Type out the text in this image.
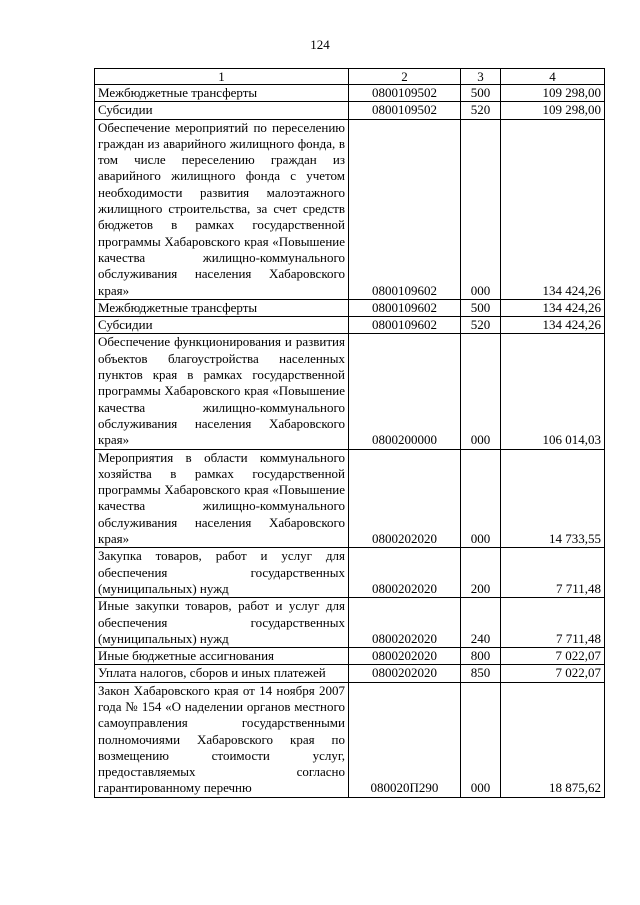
124
1	2	3	4
Межбюджетные трансферты	0800109502	500	109 298,00
Субсидии	0800109502	520	109 298,00
Обеспечение мероприятий по переселению граждан из аварийного жилищного фонда, в том числе переселению граждан из аварийного жилищного фонда с учетом необходимости развития малоэтажного жилищного строительства, за счет средств бюджетов в рамках государственной программы Хабаровского края «Повышение качества жилищно-коммунального обслуживания населения Хабаровского края»	0800109602	000	134 424,26
Межбюджетные трансферты	0800109602	500	134 424,26
Субсидии	0800109602	520	134 424,26
Обеспечение функционирования и развития объектов благоустройства населенных пунктов края в рамках государственной программы Хабаровского края «Повышение качества жилищно-коммунального обслуживания населения Хабаровского края»	0800200000	000	106 014,03
Мероприятия в области коммунального хозяйства в рамках государственной программы Хабаровского края «Повышение качества жилищно-коммунального обслуживания населения Хабаровского края»	0800202020	000	14 733,55
Закупка товаров, работ и услуг для обеспечения государственных (муниципальных) нужд	0800202020	200	7 711,48
Иные закупки товаров, работ и услуг для обеспечения государственных (муниципальных) нужд	0800202020	240	7 711,48
Иные бюджетные ассигнования	0800202020	800	7 022,07
Уплата налогов, сборов и иных платежей	0800202020	850	7 022,07
Закон Хабаровского края от 14 ноября 2007 года № 154 «О наделении органов местного самоуправления государственными полномочиями Хабаровского края по возмещению стоимости услуг, предоставляемых согласно гарантированному перечню	080020П290	000	18 875,62
